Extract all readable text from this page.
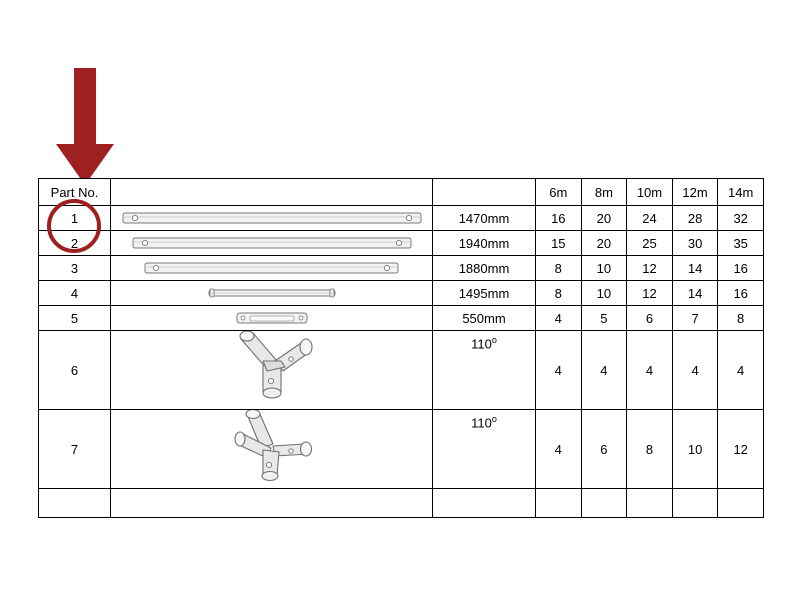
Part No.			6m	8m	10m	12m	14m
1		1470mm	16	20	24	28	32
2		1940mm	15	20	25	30	35
3		1880mm	8	10	12	14	16
4		1495mm	8	10	12	14	16
5		550mm	4	5	6	7	8
6		110$^o$	4	4	4	4	4
7		110$^o$	4	6	8	10	12
